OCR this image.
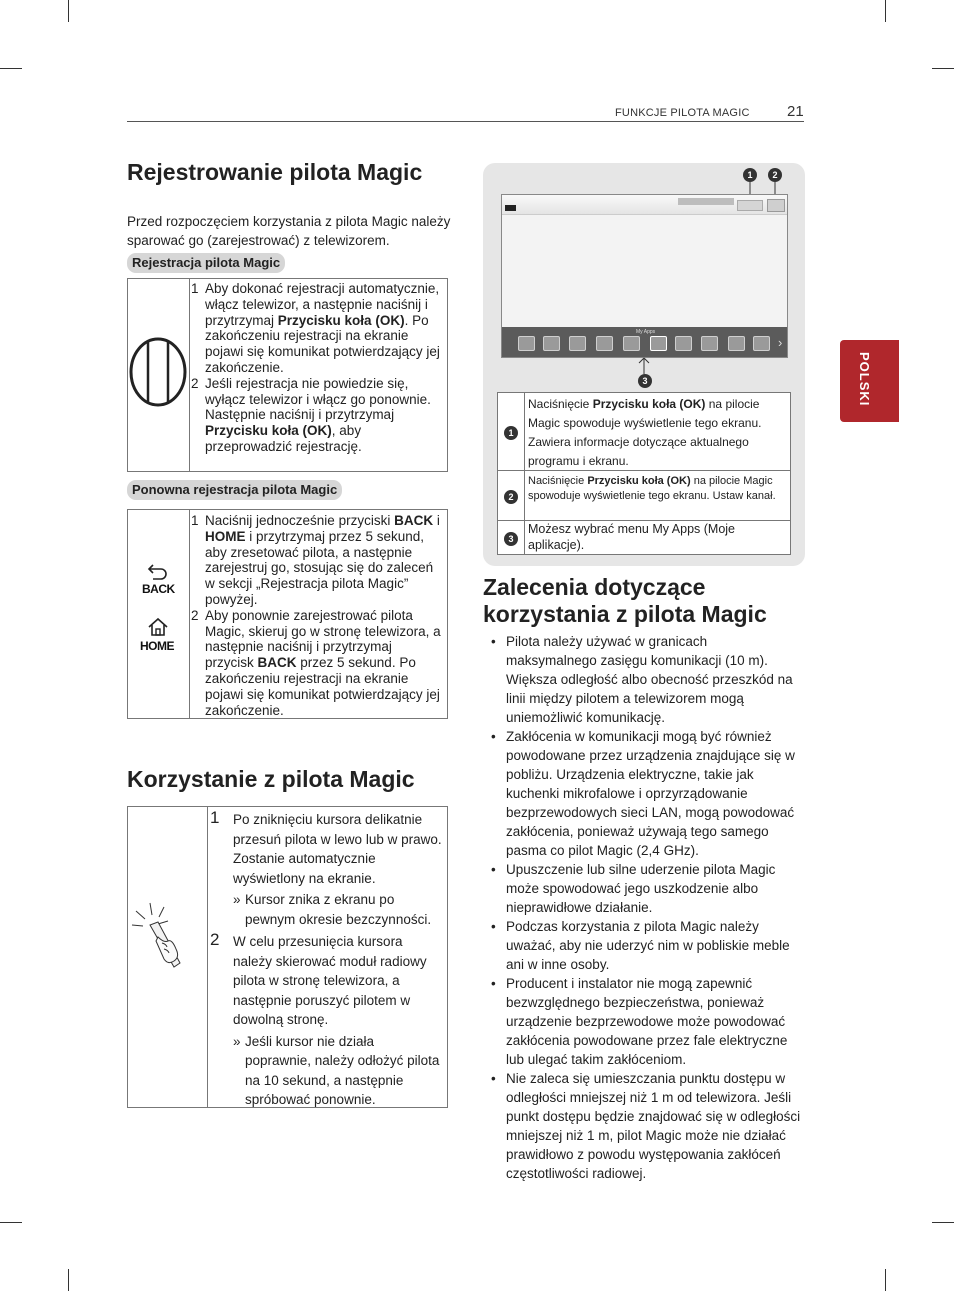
FUNKCJE PILOTA MAGIC 21
POLSKI
Rejestrowanie pilota Magic
Przed rozpoczęciem korzystania z pilota Magic należy sparować go (zarejestrować) z telewizorem.
Rejestracja pilota Magic
1 Aby dokonać rejestracji automatycznie, włącz telewizor, a następnie naciśnij i przytrzymaj Przycisku koła (OK). Po zakończeniu rejestracji na ekranie pojawi się komunikat potwierdzający jej zakończenie.
2 Jeśli rejestracja nie powiedzie się, wyłącz telewizor i włącz go ponownie. Następnie naciśnij i przytrzymaj Przycisku koła (OK), aby przeprowadzić rejestrację.
Ponowna rejestracja pilota Magic
BACK
HOME
1 Naciśnij jednocześnie przyciski BACK i HOME i przytrzymaj przez 5 sekund, aby zresetować pilota, a następnie zarejestruj go, stosując się do zaleceń w sekcji „Rejestracja pilota Magic” powyżej.
2 Aby ponownie zarejestrować pilota Magic, skieruj go w stronę telewizora, a następnie naciśnij i przytrzymaj przycisk BACK przez 5 sekund. Po zakończeniu rejestracji na ekranie pojawi się komunikat potwierdzający jej zakończenie.
Korzystanie z pilota Magic
1 Po zniknięciu kursora delikatnie przesuń pilota w lewo lub w prawo. Zostanie automatycznie wyświetlony na ekranie.
» Kursor znika z ekranu po pewnym okresie bezczynności.
2 W celu przesunięcia kursora należy skierować moduł radiowy pilota w stronę telewizora, a następnie poruszyć pilotem w dowolną stronę.
» Jeśli kursor nie działa poprawnie, należy odłożyć pilota na 10 sekund, a następnie spróbować ponownie.
1	2
My Apps
›
3
1
Naciśnięcie Przycisku koła (OK) na pilocie Magic spowoduje wyświetlenie tego ekranu. Zawiera informacje dotyczące aktualnego programu i ekranu.
2
Naciśnięcie Przycisku koła (OK) na pilocie Magic spowoduje wyświetlenie tego ekranu. Ustaw kanał.
3
Możesz wybrać menu My Apps (Moje aplikacje).
Zalecenia dotyczące korzystania z pilota Magic
• Pilota należy używać w granicach maksymalnego zasięgu komunikacji (10 m). Większa odległość albo obecność przeszkód na linii między pilotem a telewizorem mogą uniemożliwić komunikację.
• Zakłócenia w komunikacji mogą być również powodowane przez urządzenia znajdujące się w pobliżu. Urządzenia elektryczne, takie jak kuchenki mikrofalowe i oprzyrządowanie bezprzewodowych sieci LAN, mogą powodować zakłócenia, ponieważ używają tego samego pasma co pilot Magic (2,4 GHz).
• Upuszczenie lub silne uderzenie pilota Magic może spowodować jego uszkodzenie albo nieprawidłowe działanie.
• Podczas korzystania z pilota Magic należy uważać, aby nie uderzyć nim w pobliskie meble ani w inne osoby.
• Producent i instalator nie mogą zapewnić bezwzględnego bezpieczeństwa, ponieważ urządzenie bezprzewodowe może powodować zakłócenia powodowane przez fale elektryczne lub ulegać takim zakłóceniom.
• Nie zaleca się umieszczania punktu dostępu w odległości mniejszej niż 1 m od telewizora. Jeśli punkt dostępu będzie znajdować się w odległości mniejszej niż 1 m, pilot Magic może nie działać prawidłowo z powodu występowania zakłóceń częstotliwości radiowej.
